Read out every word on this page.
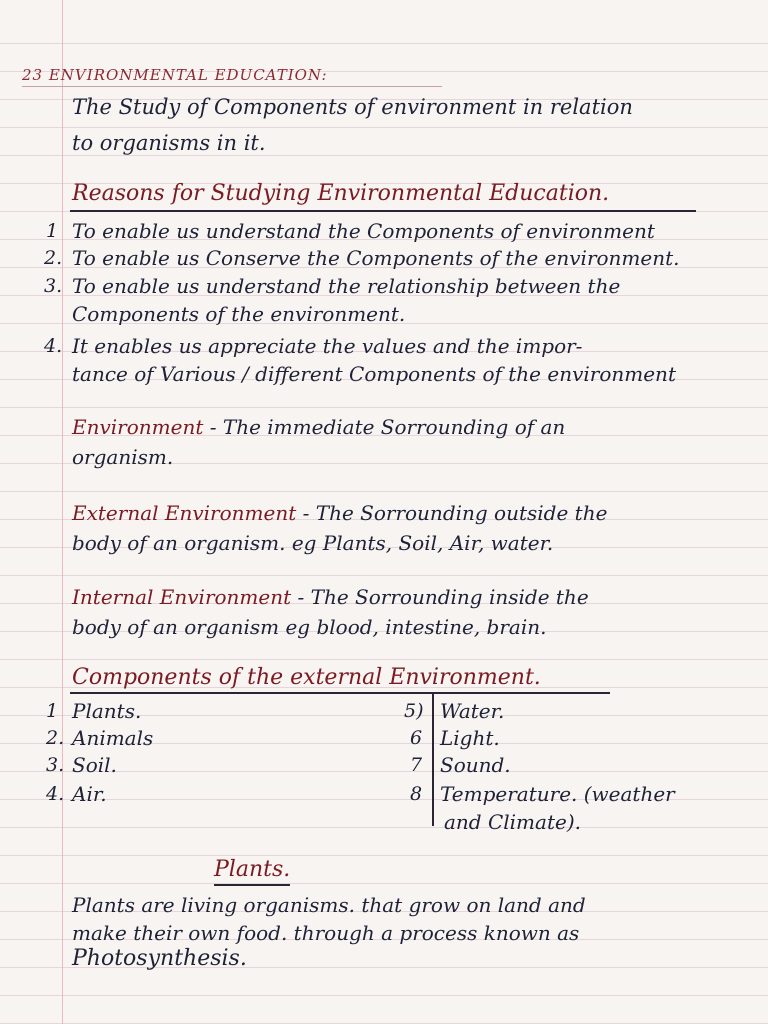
23 ENVIRONMENTAL EDUCATION:
The Study of Components of environment in relation
to organisms in it.
Reasons for Studying Environmental Education.
1 To enable us understand the Components of environment
2. To enable us Conserve the Components of the environment.
3. To enable us understand the relationship between the
Components of the environment.
4. It enables us appreciate the values and the impor-
tance of Various / different Components of the environment
Environment - The immediate Sorrounding of an
organism.
External Environment - The Sorrounding outside the
body of an organism. eg Plants, Soil, Air, water.
Internal Environment - The Sorrounding inside the
body of an organism eg blood, intestine, brain.
Components of the external Environment.
1 Plants.
2. Animals
3. Soil.
4. Air.
5) Water.
6 Light.
7 Sound.
8 Temperature. (weather
and Climate).
Plants.
Plants are living organisms. that grow on land and
make their own food. through a process known as
Photosynthesis.
